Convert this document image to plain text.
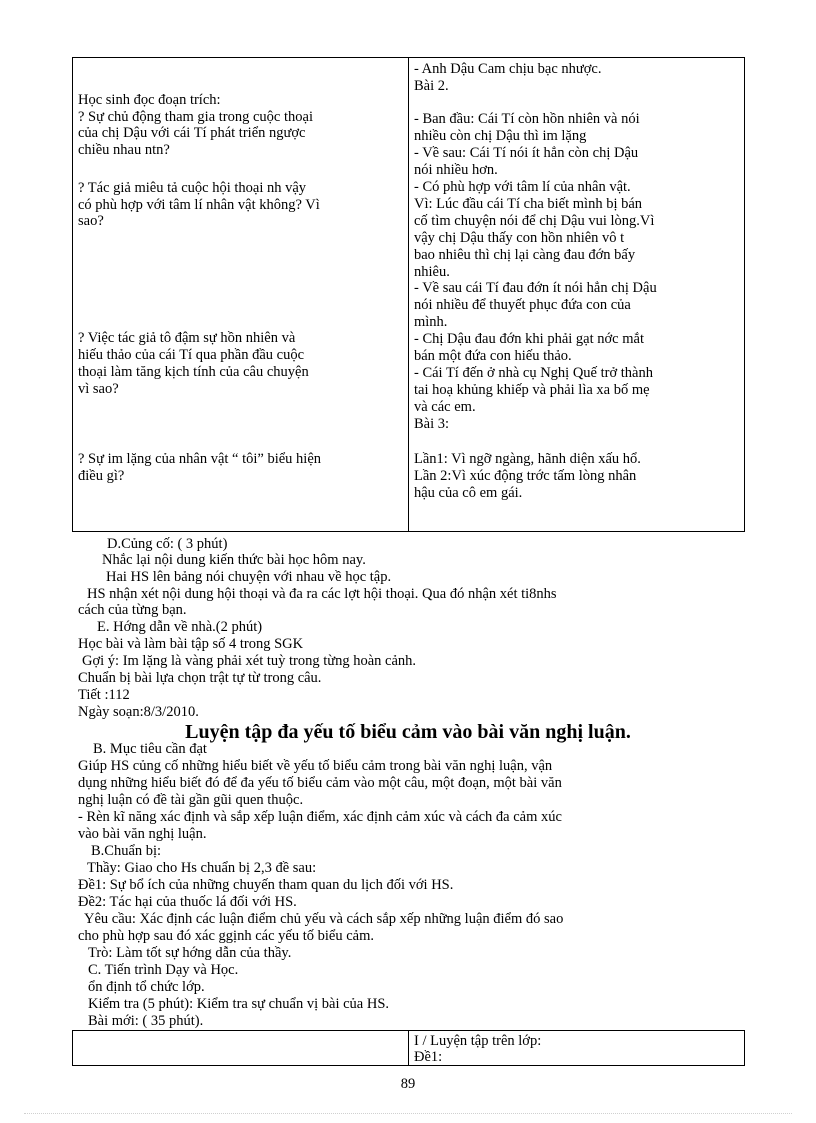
Học sinh đọc đoạn trích:
? Sự chủ động tham gia trong cuộc thoại
của chị Dậu với cái Tí phát triển ngược
chiều nhau ntn?
? Tác giả miêu tả cuộc hội thoại nh vậy
có phù hợp với tâm lí nhân vật không? Vì
sao?
? Việc tác giả tô đậm sự hồn nhiên và
hiếu thảo của cái Tí qua phần đầu cuộc
thoại làm tăng kịch tính của câu chuyện
vì sao?
? Sự im lặng của nhân vật “ tôi” biểu hiện
điều gì?
- Anh Dậu Cam chịu bạc nhược.
Bài 2.
- Ban đầu: Cái Tí còn hồn nhiên và nói
nhiều còn chị Dậu thì im lặng
- Về sau: Cái Tí nói ít hẳn còn chị Dậu
nói nhiều hơn.
- Có phù hợp với tâm lí của nhân vật.
Vì: Lúc đầu cái Tí cha biết mình bị bán
cố tìm chuyện nói để chị Dậu vui lòng.Vì
vậy chị Dậu thấy con hồn nhiên vô t
bao nhiêu thì chị lại càng đau đớn bấy
nhiêu.
- Về sau cái Tí đau đớn ít nói hẳn chị Dậu
nói nhiều để thuyết phục đứa con của
mình.
- Chị Dậu đau đớn khi phải gạt nớc mắt
bán một đứa con hiếu thảo.
- Cái Tí đến ở nhà cụ Nghị Quế trở thành
tai hoạ khủng khiếp và phải lìa xa bố mẹ
và các em.
Bài 3:
Lần1: Vì ngỡ ngàng, hãnh diện xấu hổ.
Lần 2:Vì xúc động trớc tấm lòng nhân
hậu của cô em gái.
D.Củng cố: ( 3 phút)
Nhắc lại nội dung kiến thức bài học hôm nay.
Hai HS lên bảng nói chuyện với nhau về học tập.
HS nhận xét nội dung hội thoại và đa ra các lợt hội thoại. Qua đó nhận xét ti8nhs
cách của từng bạn.
E. Hớng dẫn về nhà.(2 phút)
Học bài và làm bài tập số 4 trong SGK
Gợi ý: Im lặng là vàng phải xét tuỳ trong từng hoàn cảnh.
Chuẩn bị bài lựa chọn trật tự từ trong câu.
Tiết :112
Ngày soạn:8/3/2010.
Luyện tập đa yếu tố biểu cảm vào bài văn nghị luận.
B. Mục tiêu cần đạt
Giúp HS củng cố những hiểu biết về yếu tố biểu cảm trong bài văn nghị luận, vận
dụng những hiểu biết đó để đa yếu tố biểu cảm vào một câu, một đoạn, một bài văn
nghị luận có đề tài gần gũi quen thuộc.
- Rèn kĩ năng xác định và sắp xếp luận điểm, xác định cảm xúc và cách đa cảm xúc
vào bài văn nghị luận.
B.Chuẩn bị:
Thầy: Giao cho Hs chuẩn bị 2,3 đề sau:
Đề1: Sự bổ ích của những chuyến tham quan du lịch đối với HS.
Đề2: Tác hại của thuốc lá đối với HS.
Yêu cầu: Xác định các luận điểm chủ yếu và cách sắp xếp những luận điểm đó sao
cho phù hợp sau đó xác ggịnh các yếu tố biểu cảm.
Trò: Làm tốt sự hớng dẫn của thầy.
C. Tiến trình Dạy và Học.
ổn định tổ chức lớp.
Kiểm tra (5 phút): Kiểm tra sự chuẩn vị bài của HS.
Bài mới: ( 35 phút).
I / Luyện tập trên lớp:
Đề1:
89
